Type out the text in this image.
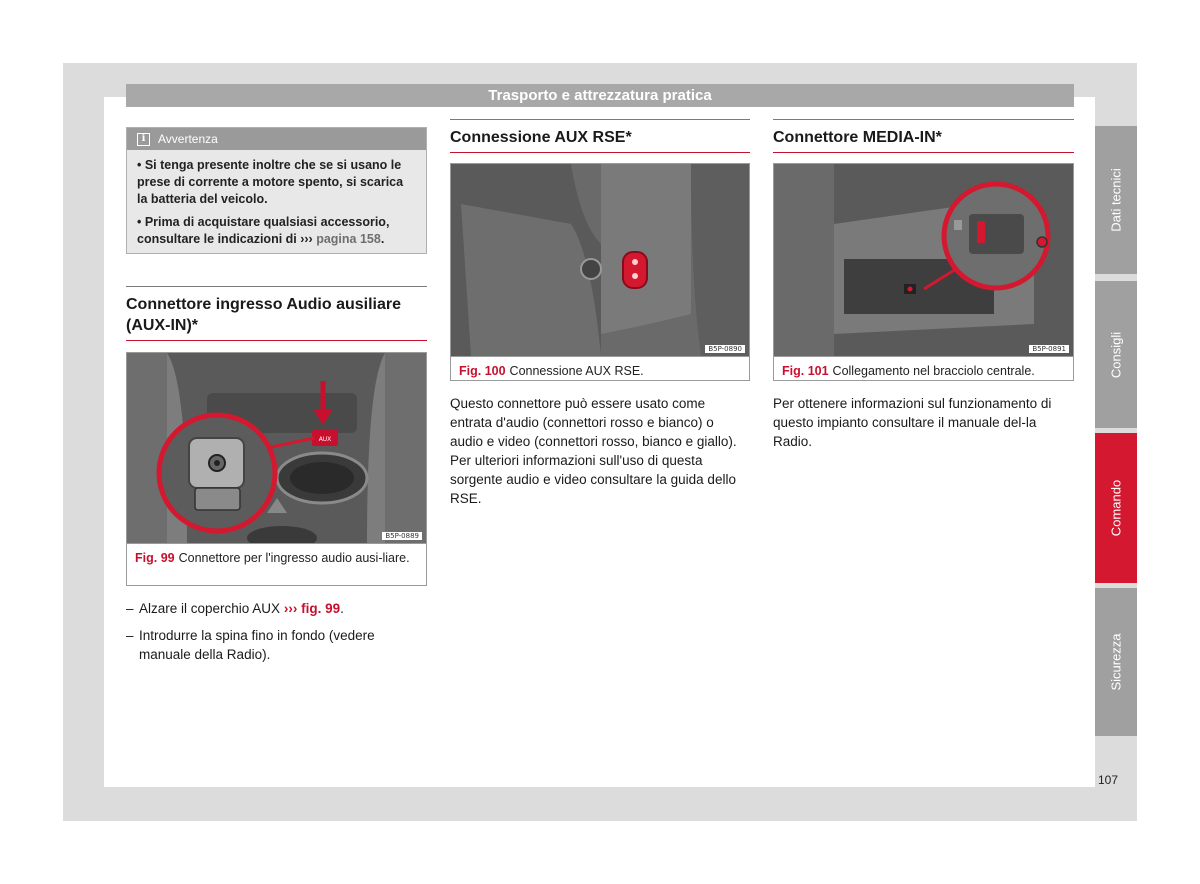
Trasporto e attrezzatura pratica
Dati tecnici
Consigli
Comando
Sicurezza
107
i	Avvertenza

• Si tenga presente inoltre che se si usano le prese di corrente a motore spento, si scarica la batteria del veicolo.

• Prima di acquistare qualsiasi accessorio, consultare le indicazioni di ››› pagina 158.

Connettore ingresso Audio ausiliare (AUX-IN)*
AUX
B5P-0889
Fig. 99 Connettore per l'ingresso audio ausi-liare.
– Alzare il coperchio AUX ››› fig. 99.
– Introdurre la spina fino in fondo (vedere manuale della Radio).
Connessione AUX RSE*
B5P-0890
Fig. 100 Connessione AUX RSE.
Questo connettore può essere usato come entrata d'audio (connettori rosso e bianco) o audio e video (connettori rosso, bianco e giallo). Per ulteriori informazioni sull'uso di questa sorgente audio e video consultare la guida dello RSE.
Connettore MEDIA-IN*
B5P-0891
Fig. 101 Collegamento nel bracciolo centrale.
Per ottenere informazioni sul funzionamento di questo impianto consultare il manuale del-la Radio.
